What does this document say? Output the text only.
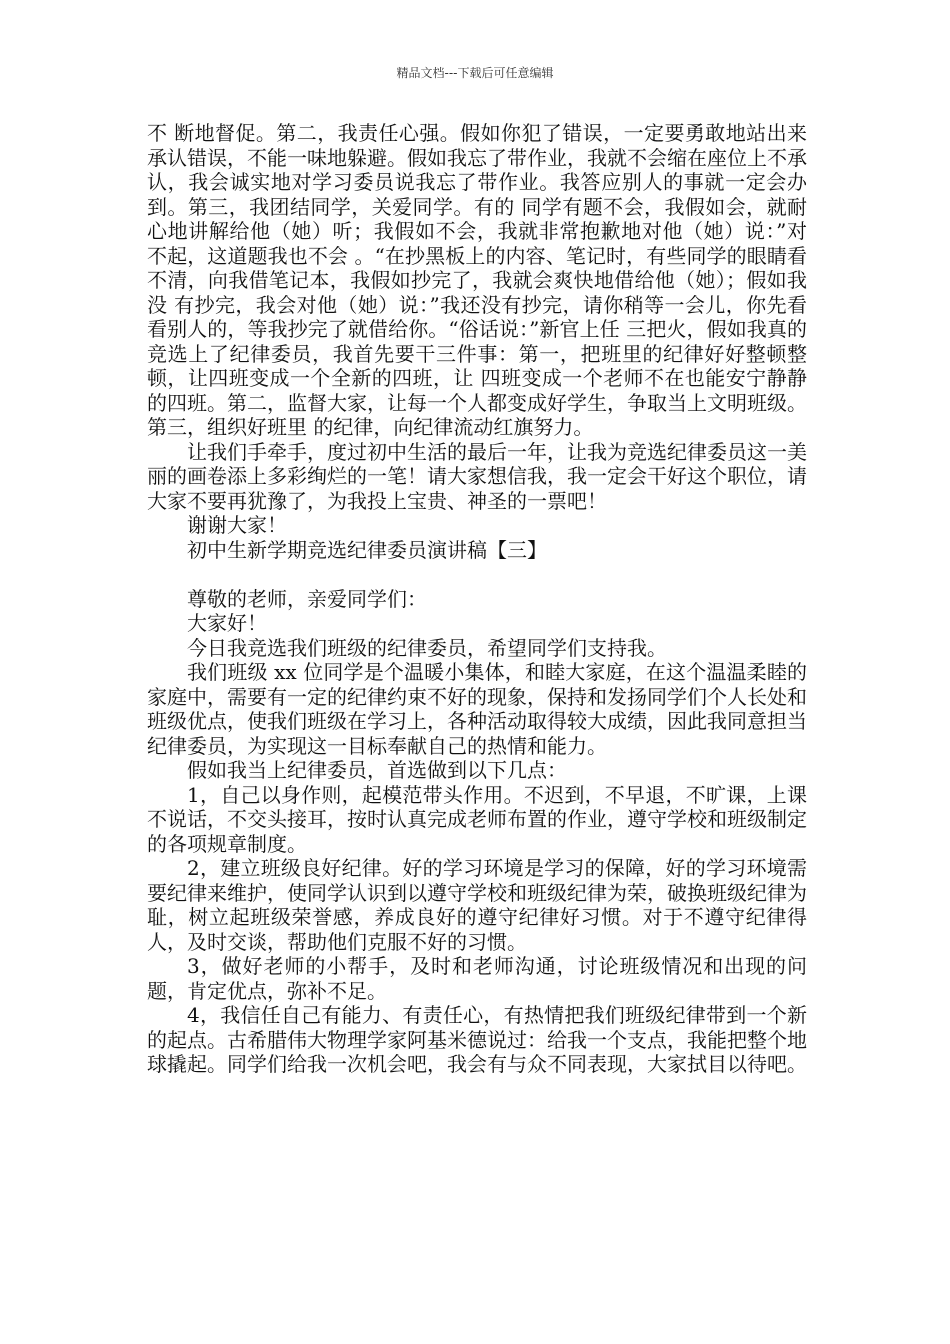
精品文档---下载后可任意编辑

不 断地督促。第二，我责任心强。假如你犯了错误，一定要勇敢地站出来承认错误，不能一味地躲避。假如我忘了带作业，我就不会缩在座位上不承认，我会诚实地对学习委员说我忘了带作业。我答应别人的事就一定会办到。第三，我团结同学，关爱同学。有的 同学有题不会，我假如会，就耐心地讲解给他（她）听；我假如不会，我就非常抱歉地对他（她）说：”对不起，这道题我也不会 。“在抄黑板上的内容、笔记时，有些同学的眼睛看不清，向我借笔记本，我假如抄完了，我就会爽快地借给他（她）；假如我没 有抄完，我会对他（她）说：”我还没有抄完，请你稍等一会儿，你先看看别人的，等我抄完了就借给你。“俗话说：”新官上任 三把火，假如我真的竞选上了纪律委员，我首先要干三件事：第一，把班里的纪律好好整顿整顿，让四班变成一个全新的四班，让 四班变成一个老师不在也能安宁静静的四班。第二，监督大家，让每一个人都变成好学生，争取当上文明班级。第三，组织好班里 的纪律，向纪律流动红旗努力。

让我们手牵手，度过初中生活的最后一年，让我为竞选纪律委员这一美丽的画卷添上多彩绚烂的一笔！请大家想信我，我一定会干好这个职位，请大家不要再犹豫了，为我投上宝贵、神圣的一票吧！

谢谢大家！

初中生新学期竞选纪律委员演讲稿【三】

尊敬的老师，亲爱同学们：

大家好！

今日我竞选我们班级的纪律委员，希望同学们支持我。

我们班级 xx 位同学是个温暖小集体，和睦大家庭，在这个温温柔睦的家庭中，需要有一定的纪律约束不好的现象，保持和发扬同学们个人长处和班级优点，使我们班级在学习上，各种活动取得较大成绩，因此我同意担当纪律委员，为实现这一目标奉献自己的热情和能力。

假如我当上纪律委员，首选做到以下几点：

1，自己以身作则，起模范带头作用。不迟到，不早退，不旷课，上课不说话，不交头接耳，按时认真完成老师布置的作业，遵守学校和班级制定的各项规章制度。

2，建立班级良好纪律。好的学习环境是学习的保障，好的学习环境需要纪律来维护，使同学认识到以遵守学校和班级纪律为荣，破换班级纪律为耻，树立起班级荣誉感，养成良好的遵守纪律好习惯。对于不遵守纪律得人，及时交谈，帮助他们克服不好的习惯。

3，做好老师的小帮手，及时和老师沟通，讨论班级情况和出现的问题，肯定优点，弥补不足。

4，我信任自己有能力、有责任心，有热情把我们班级纪律带到一个新的起点。古希腊伟大物理学家阿基米德说过：给我一个支点，我能把整个地球撬起。同学们给我一次机会吧，我会有与众不同表现，大家拭目以待吧。
